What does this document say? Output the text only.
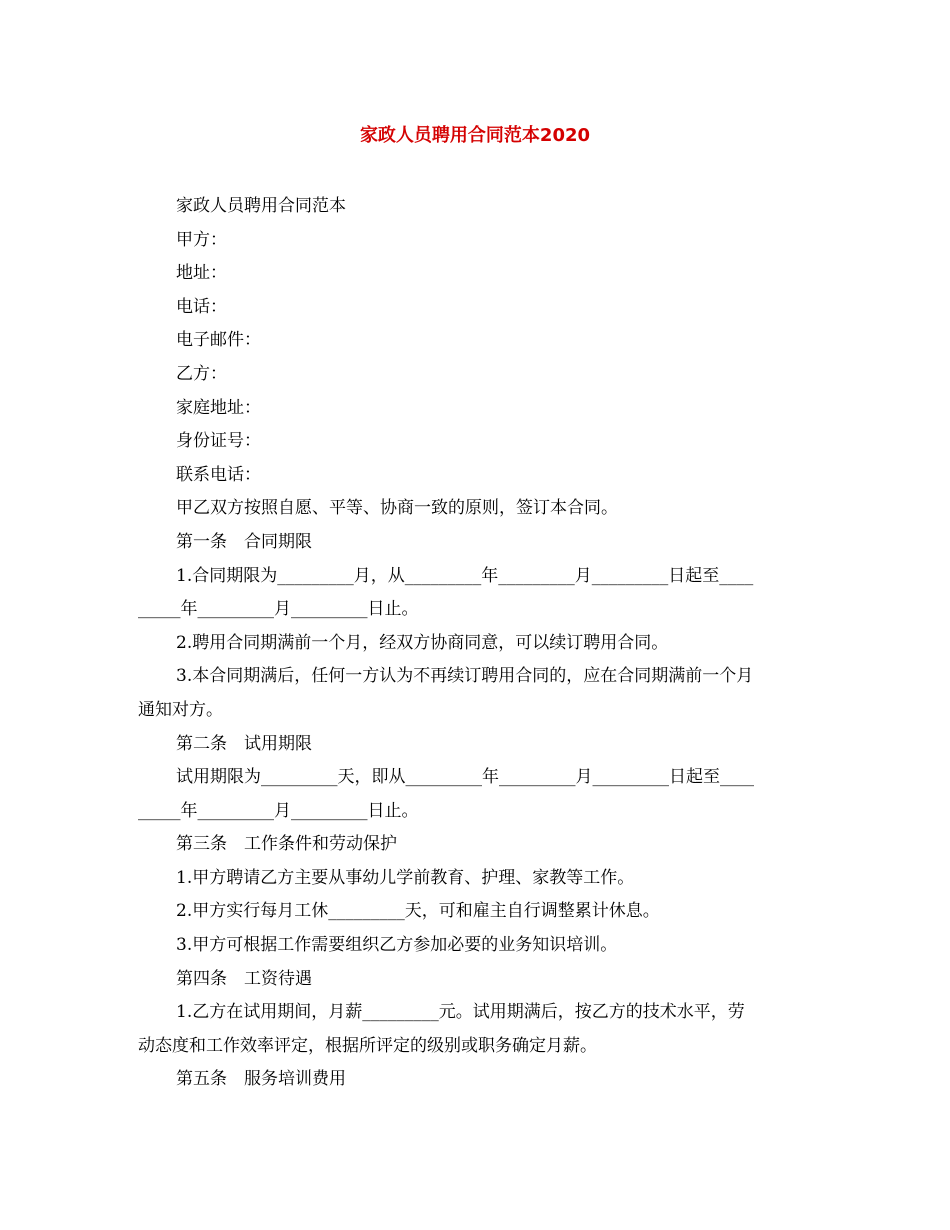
家政人员聘用合同范本2020
家政人员聘用合同范本
甲方：
地址：
电话：
电子邮件：
乙方：
家庭地址：
身份证号：
联系电话：
甲乙双方按照自愿、平等、协商一致的原则，签订本合同。
第一条　合同期限
1.合同期限为_________月，从_________年_________月_________日起至____
_____年_________月_________日止。
2.聘用合同期满前一个月，经双方协商同意，可以续订聘用合同。
3.本合同期满后，任何一方认为不再续订聘用合同的，应在合同期满前一个月
通知对方。
第二条　试用期限
试用期限为_________天，即从_________年_________月_________日起至____
_____年_________月_________日止。
第三条　工作条件和劳动保护
1.甲方聘请乙方主要从事幼儿学前教育、护理、家教等工作。
2.甲方实行每月工休_________天，可和雇主自行调整累计休息。
3.甲方可根据工作需要组织乙方参加必要的业务知识培训。
第四条　工资待遇
1.乙方在试用期间，月薪_________元。试用期满后，按乙方的技术水平，劳
动态度和工作效率评定，根据所评定的级别或职务确定月薪。
第五条　服务培训费用
